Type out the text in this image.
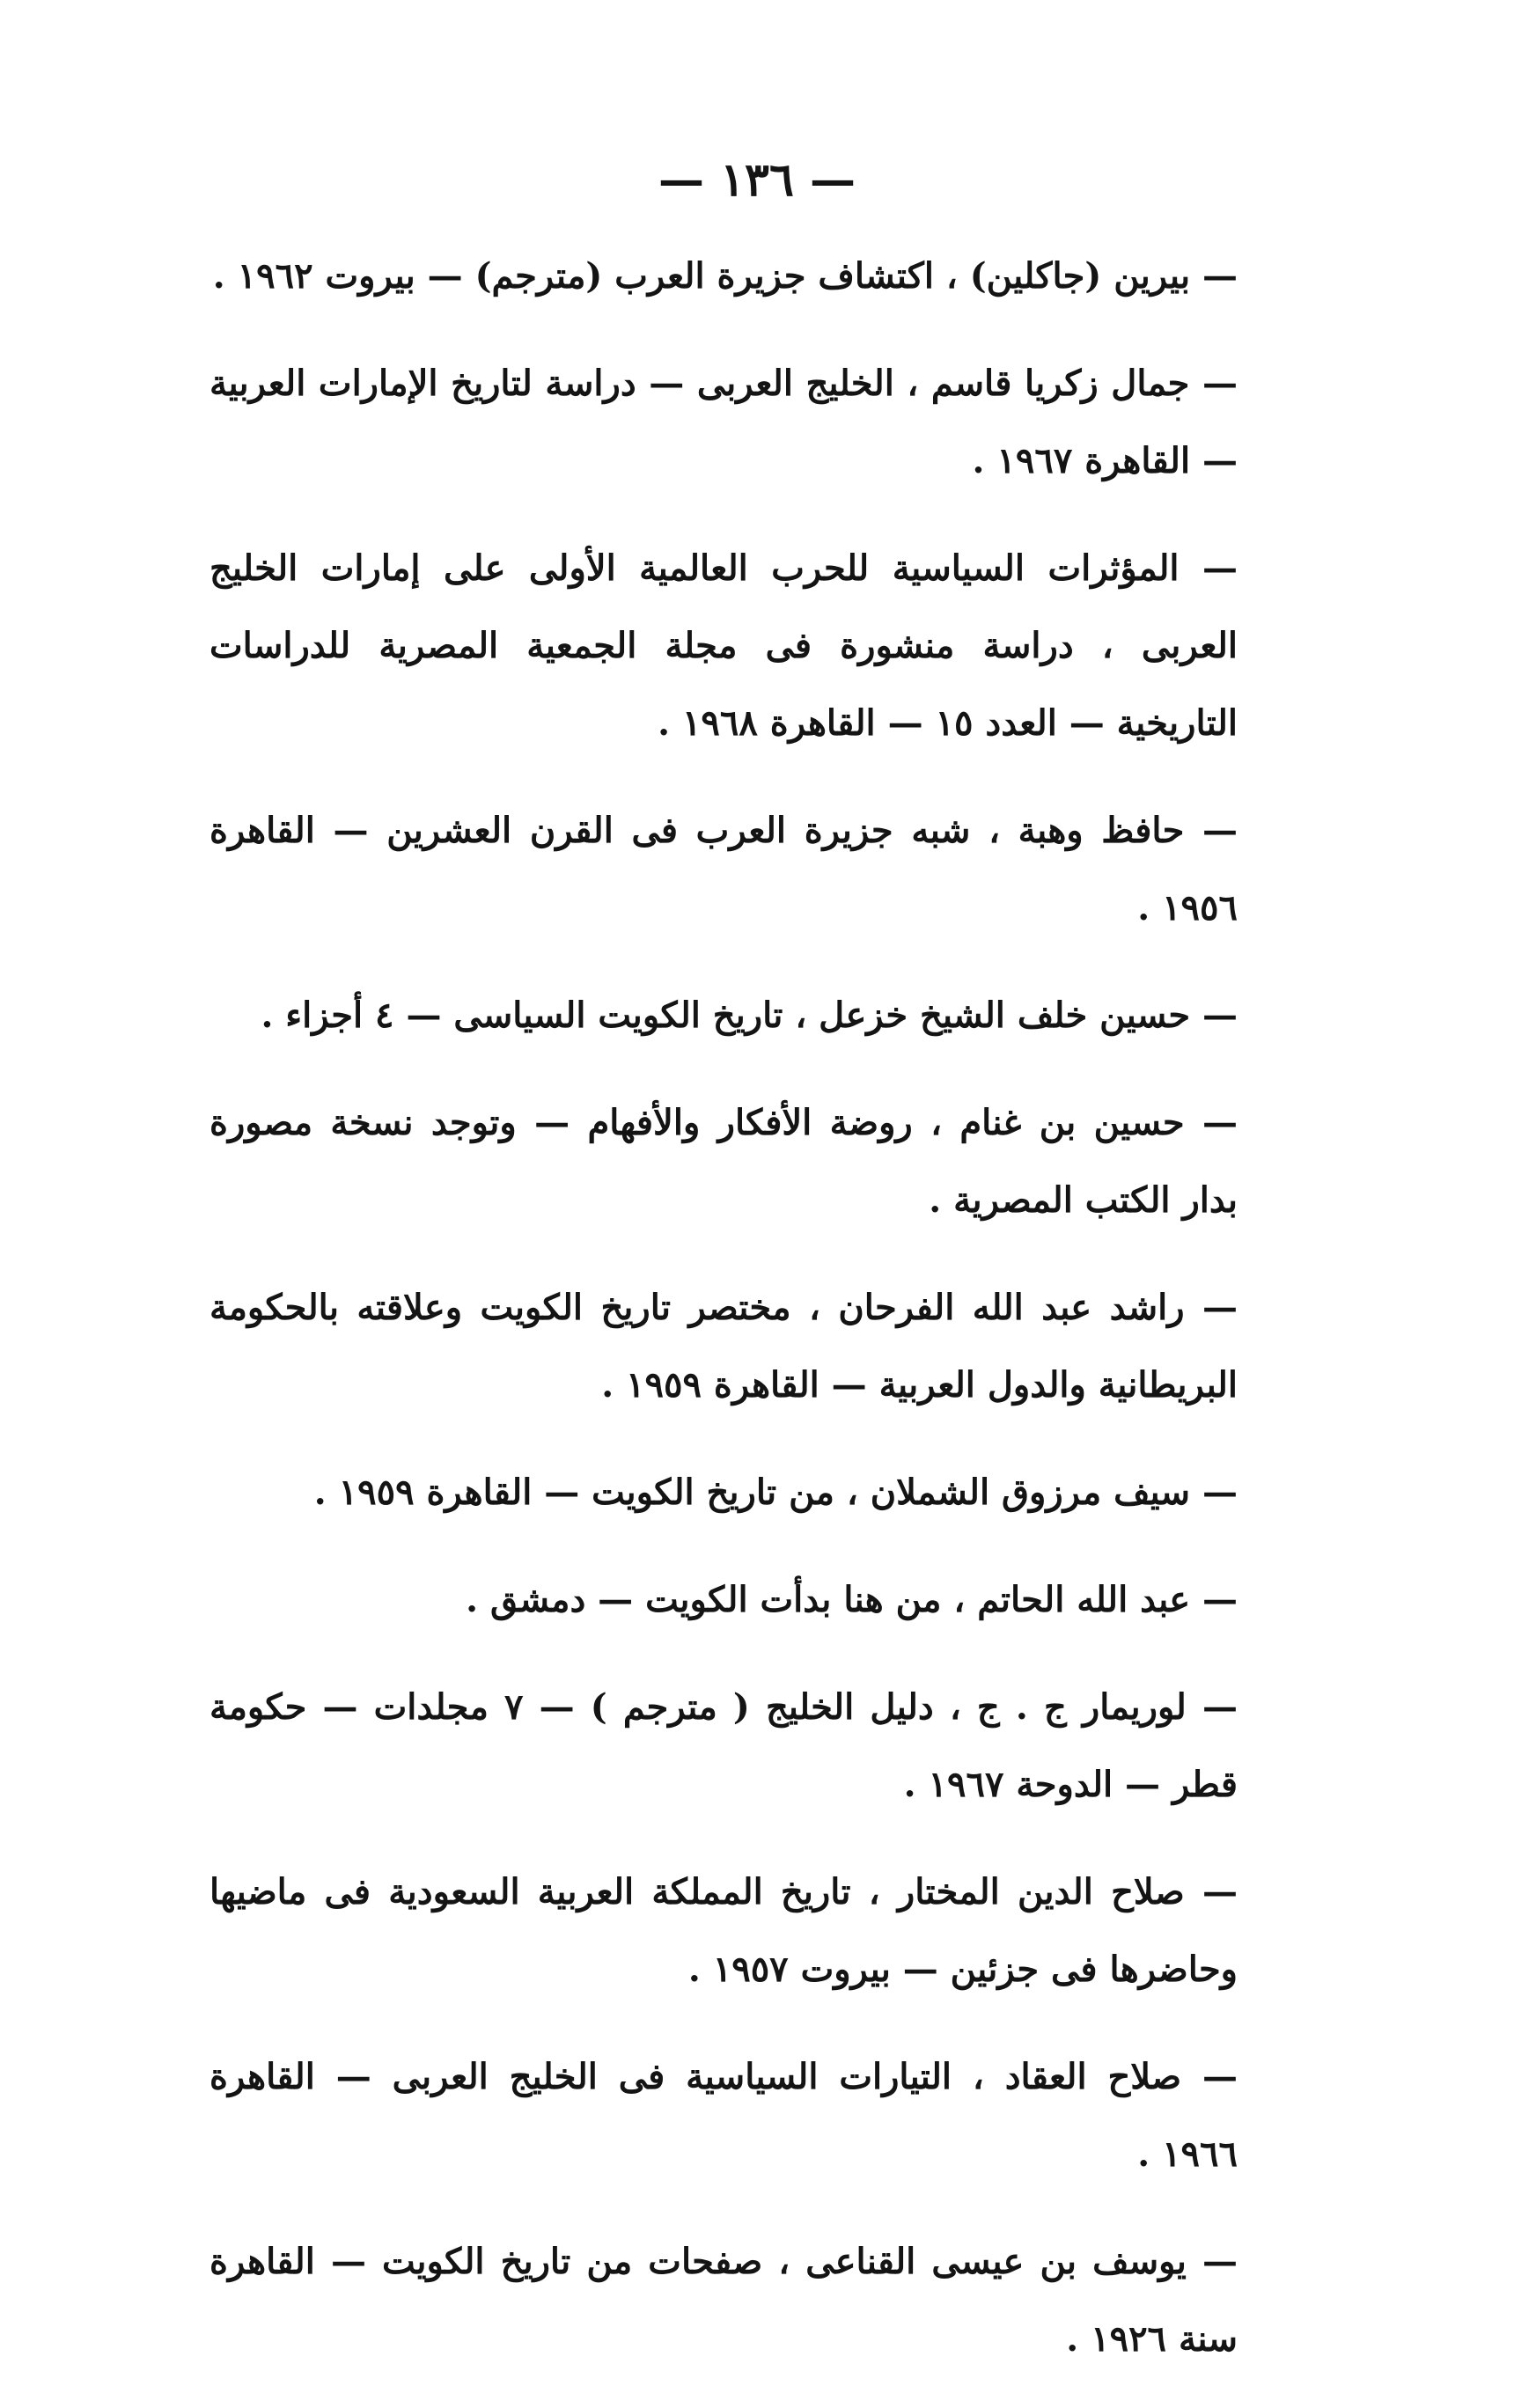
— ١٣٦ —
— بيرين (جاكلين) ، اكتشاف جزيرة العرب (مترجم) — بيروت ١٩٦٢ .
— جمال زكريا قاسم ، الخليج العربى — دراسة لتاريخ الإمارات العربية — القاهرة ١٩٦٧ .
— المؤثرات السياسية للحرب العالمية الأولى على إمارات الخليج العربى ، دراسة منشورة فى مجلة الجمعية المصرية للدراسات التاريخية — العدد ١٥ — القاهرة ١٩٦٨ .
— حافظ وهبة ، شبه جزيرة العرب فى القرن العشرين — القاهرة ١٩٥٦ .
— حسين خلف الشيخ خزعل ، تاريخ الكويت السياسى — ٤ أجزاء .
— حسين بن غنام ، روضة الأفكار والأفهام — وتوجد نسخة مصورة بدار الكتب المصرية .
— راشد عبد الله الفرحان ، مختصر تاريخ الكويت وعلاقته بالحكومة البريطانية والدول العربية — القاهرة ١٩٥٩ .
— سيف مرزوق الشملان ، من تاريخ الكويت — القاهرة ١٩٥٩ .
— عبد الله الحاتم ، من هنا بدأت الكويت — دمشق .
— لوريمار ج . ج ، دليل الخليج ( مترجم ) — ٧ مجلدات — حكومة قطر — الدوحة ١٩٦٧ .
— صلاح الدين المختار ، تاريخ المملكة العربية السعودية فى ماضيها وحاضرها فى جزئين — بيروت ١٩٥٧ .
— صلاح العقاد ، التيارات السياسية فى الخليج العربى — القاهرة ١٩٦٦ .
— يوسف بن عيسى القناعى ، صفحات من تاريخ الكويت — القاهرة سنة ١٩٢٦ .
